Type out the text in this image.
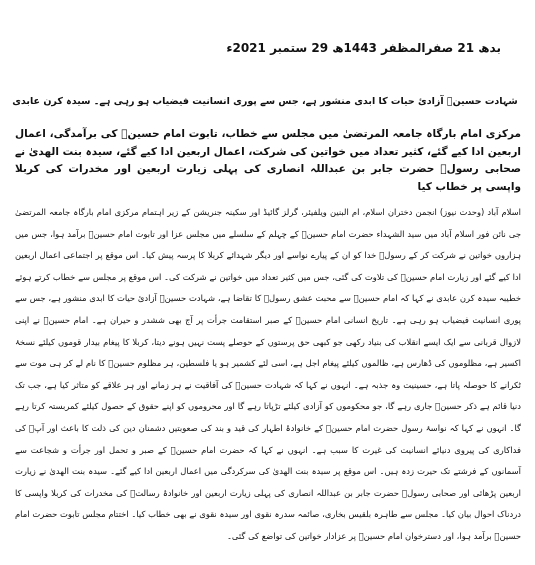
بدھ 21 صفرالمظفر 1443ھ 29 ستمبر 2021ء
شہادت حسینؑ آزادئ حیات کا ابدی منشور ہے، جس سے پوری انسانیت فیضیاب ہو رہی ہے۔ سیدہ کرن عابدی
مرکزی امام بارگاہ جامعہ المرتضیٰ میں مجلس سے خطاب، تابوت امام حسینؑ کی برآمدگی، اعمال اربعین ادا کیے گئے، کثیر تعداد میں خواتین کی شرکت، اعمال اربعین ادا کیے گئے، سیدہ بنت الھدیٰ نے صحابی رسولؐ حضرت جابر بن عبداللہ انصاری کی پہلی زیارت اربعین اور مخدرات کی کربلا واپسی پر خطاب کیا

اسلام آباد (وحدت نیوز) انجمن دختران اسلام، ام البنین ویلفیئر، گرلز گائیڈ اور سکینہ جنریشن کے زیر اہتمام مرکزی امام بارگاہ جامعہ المرتضیٰ جی نائن فور اسلام آباد میں سید الشہداء حضرت امام حسینؑ کے چہلم کے سلسلے میں مجلس عزا اور تابوت امام حسینؑ برآمد ہوا، جس میں ہزاروں خواتین نے شرکت کر کے رسولؐ خدا کو ان کے پیارے نواسے اور دیگر شہدائے کربلا کا پرسہ پیش کیا۔ اس موقع پر اجتماعی اعمال اربعین ادا کیے گئے اور زیارت امام حسینؑ کی تلاوت کی گئی، جس میں کثیر تعداد میں خواتین نے شرکت کی۔ اس موقع پر مجلس سے خطاب کرتے ہوئے خطیبہ سیدہ کرن عابدی نے کہا کہ امام حسینؑ سے محبت عشق رسولؐ کا تقاضا ہے، شہادت حسینؑ آزادئ حیات کا ابدی منشور ہے، جس سے پوری انسانیت فیضیاب ہو رہی ہے۔ تاریخ انسانی امام حسینؑ کے صبر استقامت جرأت پر آج بھی ششدر و حیران ہے۔ امام حسینؑ نے اپنی لازوال قربانی سے ایک ایسے انقلاب کی بنیاد رکھی جو کبھی حق پرستوں کے حوصلے پست نہیں ہونے دیتا، کربلا کا پیغام بیدار قوموں کیلئے نسخۂ اکسیر ہے، مظلوموں کی ڈھارس ہے، ظالموں کیلئے پیغام اجل ہے، اسی لئے کشمیر ہو یا فلسطین، ہر مظلوم حسینؑ کا نام لے کر ہی موت سے ٹکرانے کا حوصلہ پاتا ہے، حسینیت وہ جذبہ ہے۔ انہوں نے کہا کہ شہادت حسینؑ کی آفاقیت نے ہر زمانے اور ہر علاقے کو متاثر کیا ہے، جب تک دنیا قائم ہے ذکر حسینؑ جاری رہے گا، جو محکوموں کو آزادی کیلئے تڑپاتا رہے گا اور محروموں کو اپنے حقوق کے حصول کیلئے کمربستہ کرتا رہے گا۔ انہوں نے کہا کہ نواسۂ رسول حضرت امام حسینؑ کے خانوادۂ اطہار کی قید و بند کی صعوبتیں دشمنان دین کی ذلت کا باعث اور آپؑ کی فداکاری کی پیروی دنیائے انسانیت کی غیرت کا سبب ہے۔ انہوں نے کہا کہ حضرت امام حسینؑ کے صبر و تحمل اور جرأت و شجاعت سے آسمانوں کے فرشتے تک حیرت زدہ ہیں۔ اس موقع پر سیدہ بنت الھدیٰ کی سرکردگی میں اعمال اربعین ادا کیے گئے۔ سیدہ بنت الھدیٰ نے زیارت اربعین پڑھائی اور صحابی رسولؐ حضرت جابر بن عبداللہ انصاری کی پہلی زیارت اربعین اور خانوادۂ رسالتؐ کی مخدرات کی کربلا واپسی کا دردناک احوال بیان کیا۔ مجلس سے طاہرہ بلقیس بخاری، صائمہ سدرہ نقوی اور سیدہ نقوی نے بھی خطاب کیا۔ اختتام مجلس تابوت حضرت امام حسینؑ برآمد ہوا، اور دسترخوان امام حسینؑ پر عزادار خواتین کی تواضع کی گئی۔
